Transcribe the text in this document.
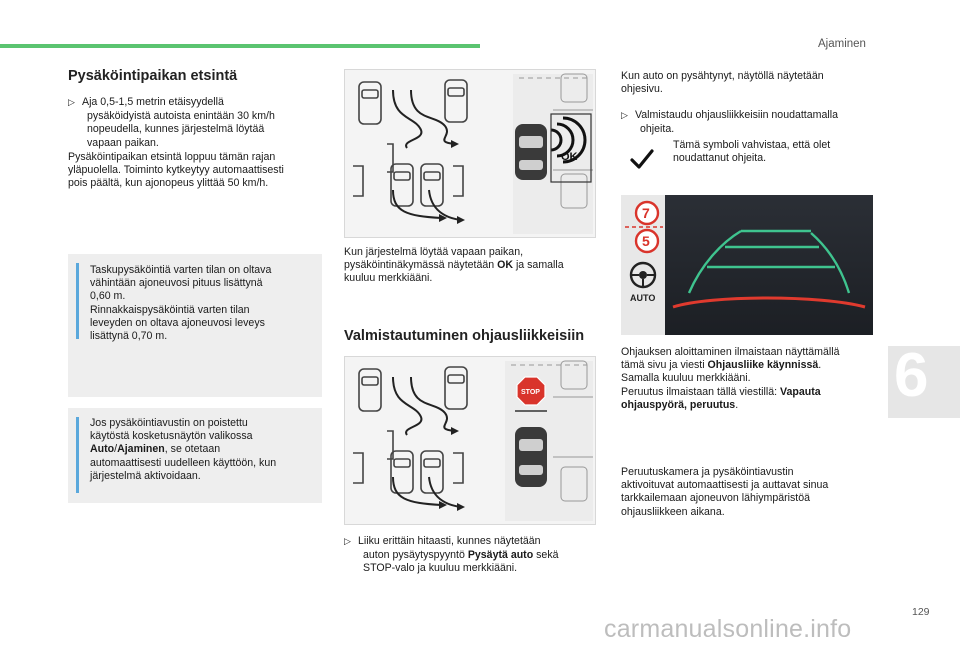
Ajaminen
Pysäköintipaikan etsintä
▷ Aja 0,5-1,5 metrin etäisyydellä
pysäköidyistä autoista enintään 30 km/h
nopeudella, kunnes järjestelmä löytää
vapaan paikan.
Pysäköintipaikan etsintä loppuu tämän rajan
yläpuolella. Toiminto kytkeytyy automaattisesti
pois päältä, kun ajonopeus ylittää 50 km/h.
Taskupysäköintiä varten tilan on oltava
vähintään ajoneuvosi pituus lisättynä
0,60 m.
Rinnakkaispysäköintiä varten tilan
leveyden on oltava ajoneuvosi leveys
lisättynä 0,70 m.
Jos pysäköintiavustin on poistettu
käytöstä kosketusnäytön valikossa
Auto/Ajaminen, se otetaan
automaattisesti uudelleen käyttöön, kun
järjestelmä aktivoidaan.
OK
Kun järjestelmä löytää vapaan paikan,
pysäköintinäkymässä näytetään OK ja samalla
kuuluu merkkiääni.
Valmistautuminen ohjausliikkeisiin
STOP
▷ Liiku erittäin hitaasti, kunnes näytetään
auton pysäytyspyyntö Pysäytä auto sekä
STOP-valo ja kuuluu merkkiääni.
Kun auto on pysähtynyt, näytöllä näytetään
ohjesivu.
▷ Valmistaudu ohjausliikkeisiin noudattamalla
ohjeita.
Tämä symboli vahvistaa, että olet
noudattanut ohjeita.
7
5
AUTO
Ohjauksen aloittaminen ilmaistaan näyttämällä
tämä sivu ja viesti Ohjausliike käynnissä.
Samalla kuuluu merkkiääni.
Peruutus ilmaistaan tällä viestillä: Vapauta
ohjauspyörä, peruutus.
Peruutuskamera ja pysäköintiavustin
aktivoituvat automaattisesti ja auttavat sinua
tarkkailemaan ajoneuvon lähiympäristöä
ohjausliikkeen aikana.
6
129
carmanualsonline.info
